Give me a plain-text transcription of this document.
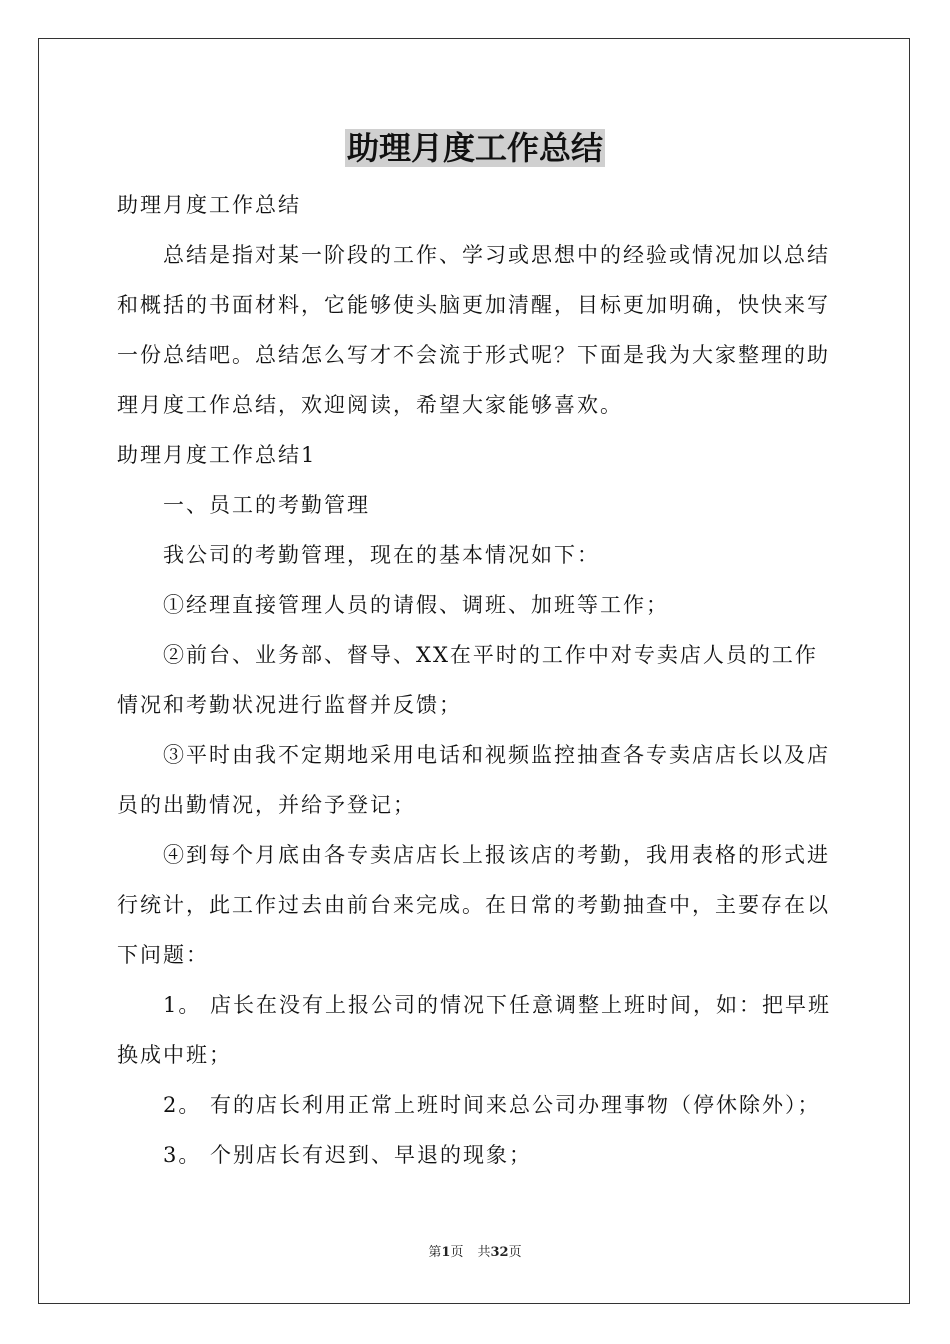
助理月度工作总结

助理月度工作总结

总结是指对某一阶段的工作、学习或思想中的经验或情况加以总结和概括的书面材料，它能够使头脑更加清醒，目标更加明确，快快来写一份总结吧。总结怎么写才不会流于形式呢？下面是我为大家整理的助理月度工作总结，欢迎阅读，希望大家能够喜欢。

助理月度工作总结1

一、员工的考勤管理

我公司的考勤管理，现在的基本情况如下：

①经理直接管理人员的请假、调班、加班等工作；

②前台、业务部、督导、XX在平时的工作中对专卖店人员的工作情况和考勤状况进行监督并反馈；

③平时由我不定期地采用电话和视频监控抽查各专卖店店长以及店员的出勤情况，并给予登记；

④到每个月底由各专卖店店长上报该店的考勤，我用表格的形式进行统计，此工作过去由前台来完成。在日常的考勤抽查中，主要存在以下问题：

1。 店长在没有上报公司的情况下任意调整上班时间，如：把早班换成中班；

2。 有的店长利用正常上班时间来总公司办理事物（停休除外）；

3。 个别店长有迟到、早退的现象；

第1页 共32页
